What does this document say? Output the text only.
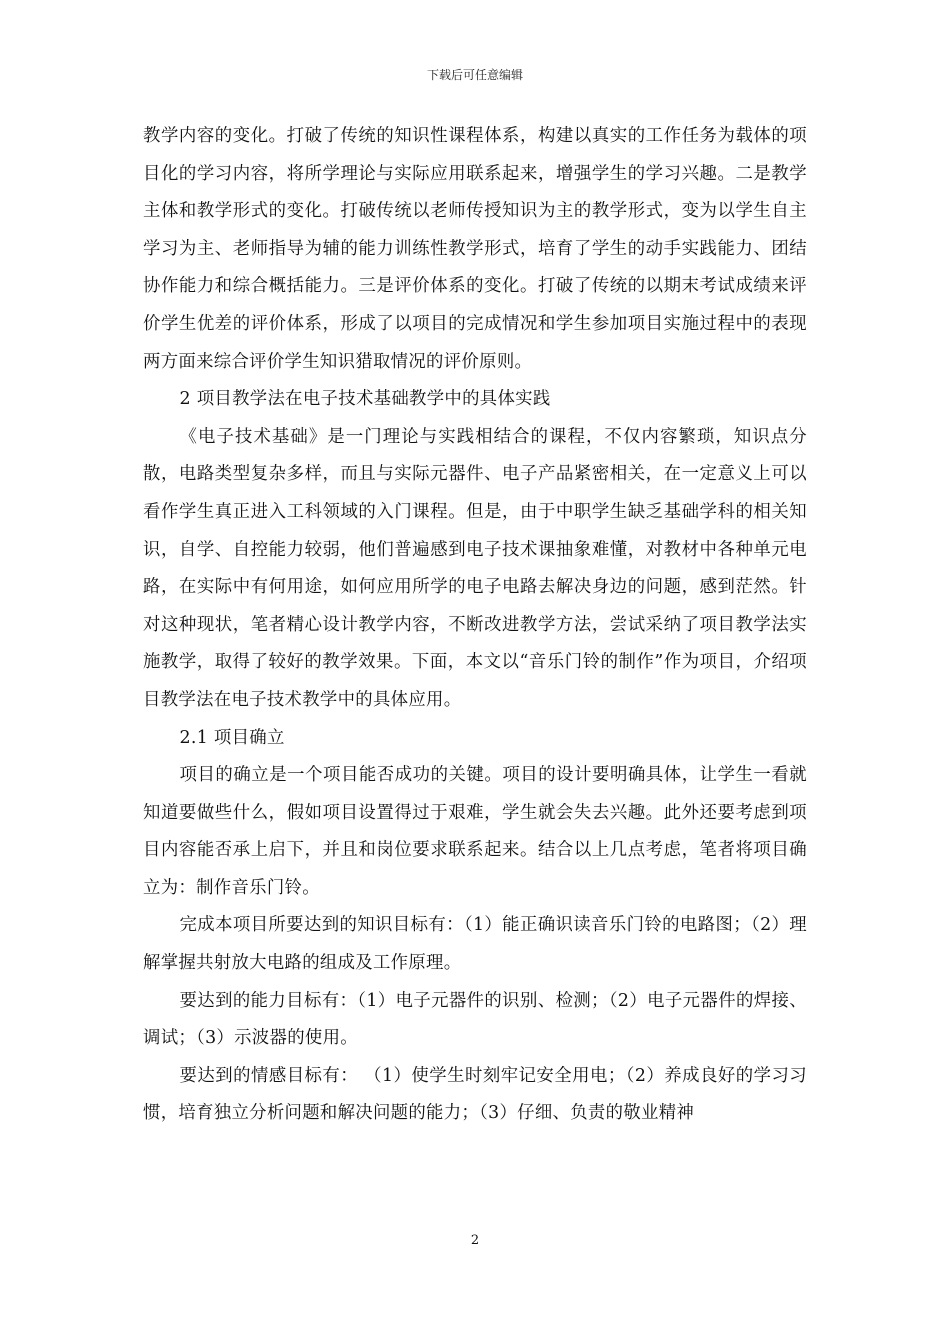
下载后可任意编辑

教学内容的变化。打破了传统的知识性课程体系，构建以真实的工作任务为载体的项目化的学习内容，将所学理论与实际应用联系起来，增强学生的学习兴趣。二是教学主体和教学形式的变化。打破传统以老师传授知识为主的教学形式，变为以学生自主学习为主、老师指导为辅的能力训练性教学形式，培育了学生的动手实践能力、团结协作能力和综合概括能力。三是评价体系的变化。打破了传统的以期末考试成绩来评价学生优差的评价体系，形成了以项目的完成情况和学生参加项目实施过程中的表现两方面来综合评价学生知识猎取情况的评价原则。

2 项目教学法在电子技术基础教学中的具体实践

《电子技术基础》是一门理论与实践相结合的课程，不仅内容繁琐，知识点分散，电路类型复杂多样，而且与实际元器件、电子产品紧密相关，在一定意义上可以看作学生真正进入工科领域的入门课程。但是，由于中职学生缺乏基础学科的相关知识，自学、自控能力较弱，他们普遍感到电子技术课抽象难懂，对教材中各种单元电路，在实际中有何用途，如何应用所学的电子电路去解决身边的问题，感到茫然。针对这种现状，笔者精心设计教学内容，不断改进教学方法，尝试采纳了项目教学法实施教学，取得了较好的教学效果。下面，本文以“音乐门铃的制作”作为项目，介绍项目教学法在电子技术教学中的具体应用。

2.1 项目确立

项目的确立是一个项目能否成功的关键。项目的设计要明确具体，让学生一看就知道要做些什么，假如项目设置得过于艰难，学生就会失去兴趣。此外还要考虑到项目内容能否承上启下，并且和岗位要求联系起来。结合以上几点考虑，笔者将项目确立为：制作音乐门铃。

完成本项目所要达到的知识目标有：（1）能正确识读音乐门铃的电路图；（2）理解掌握共射放大电路的组成及工作原理。

要达到的能力目标有：（1）电子元器件的识别、检测；（2）电子元器件的焊接、调试；（3）示波器的使用。

要达到的情感目标有： （1）使学生时刻牢记安全用电；（2）养成良好的学习习惯，培育独立分析问题和解决问题的能力；（3）仔细、负责的敬业精神

2
